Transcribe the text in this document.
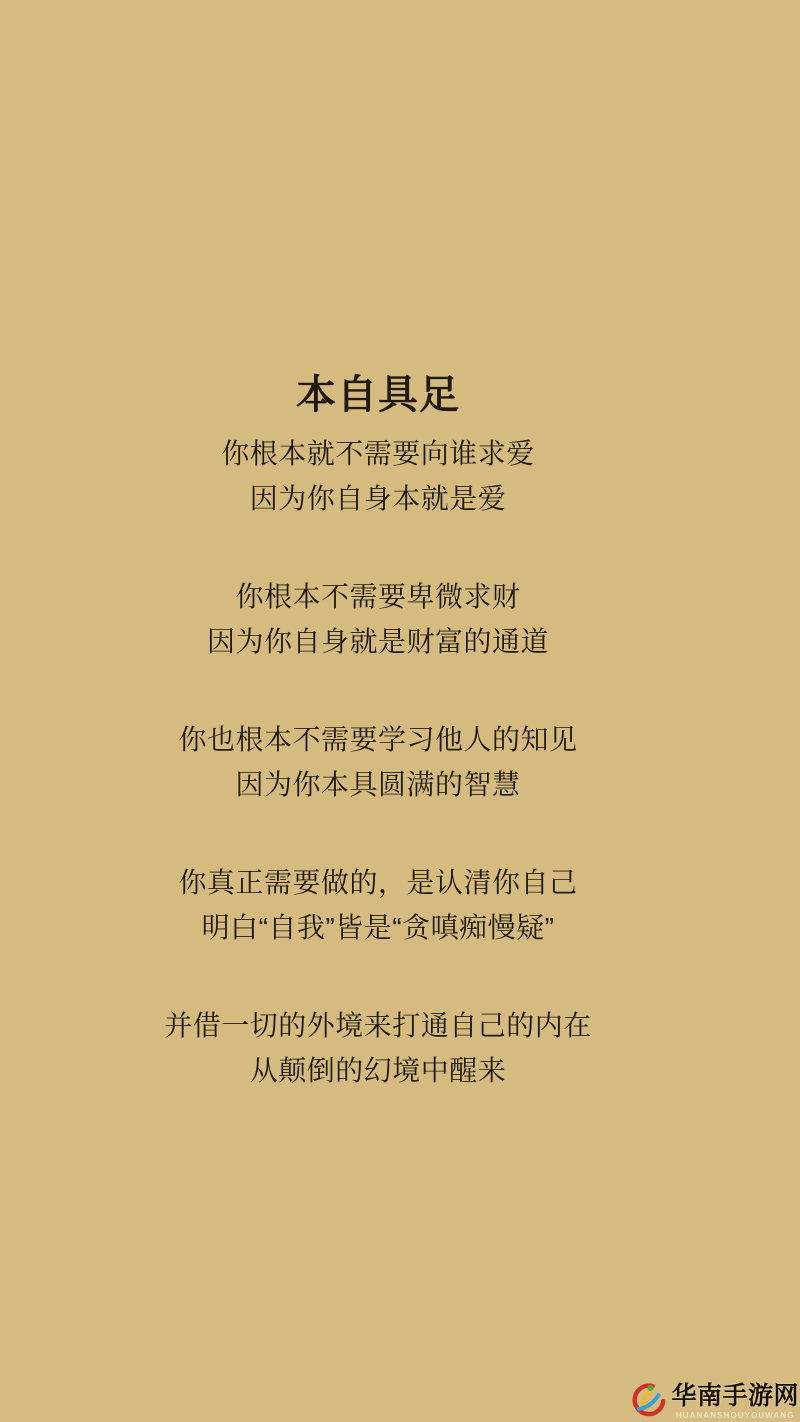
本自具足

你根本就不需要向谁求爱

因为你自身本就是爱

你根本不需要卑微求财

因为你自身就是财富的通道

你也根本不需要学习他人的知见

因为你本具圆满的智慧

你真正需要做的，是认清你自己

明白“自我”皆是“贪嗔痴慢疑”

并借一切的外境来打通自己的内在

从颠倒的幻境中醒来

华南手游网
HUANANSHOUYOUWANG
